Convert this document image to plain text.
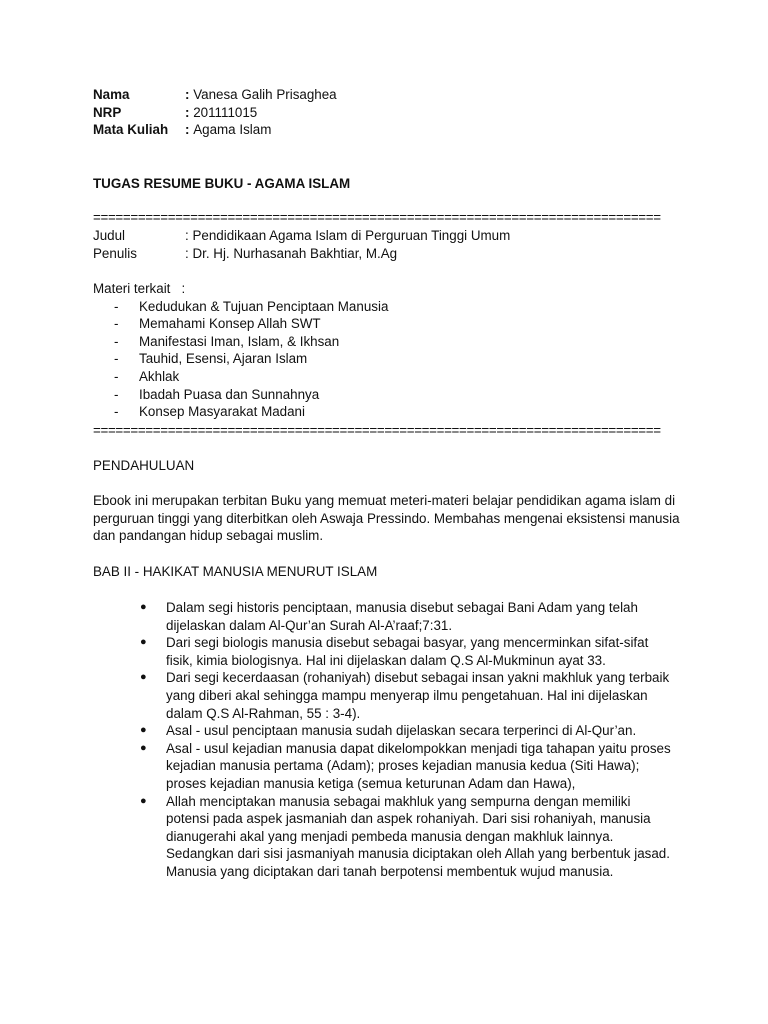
Nama	:
Vanesa Galih Prisaghea
NRP	:
201111015
Mata Kuliah	:
Agama Islam
TUGAS RESUME BUKU - AGAMA ISLAM
============================================================================
Judul	: Pendidikaan Agama Islam di Perguruan Tinggi Umum
Penulis	: Dr. Hj. Nurhasanah Bakhtiar, M.Ag
Materi terkait   :
-	Kedudukan & Tujuan Penciptaan Manusia
-	Memahami Konsep Allah SWT
-	Manifestasi Iman, Islam, & Ikhsan
-	Tauhid, Esensi, Ajaran Islam
-	Akhlak
-	Ibadah Puasa dan Sunnahnya
-	Konsep Masyarakat Madani
============================================================================
PENDAHULUAN
Ebook ini merupakan terbitan Buku yang memuat meteri-materi belajar pendidikan agama islam di perguruan tinggi yang diterbitkan oleh Aswaja Pressindo. Membahas mengenai eksistensi manusia dan pandangan hidup sebagai muslim.
BAB II - HAKIKAT MANUSIA MENURUT ISLAM
●	Dalam segi historis penciptaan, manusia disebut sebagai Bani Adam yang telah dijelaskan dalam Al-Qur’an Surah Al-A’raaf;7:31.
●	Dari segi biologis manusia disebut sebagai basyar, yang mencerminkan sifat-sifat fisik, kimia biologisnya. Hal ini dijelaskan dalam Q.S Al-Mukminun ayat 33.
●	Dari segi kecerdaasan (rohaniyah) disebut sebagai insan yakni makhluk yang terbaik yang diberi akal sehingga mampu menyerap ilmu pengetahuan. Hal ini dijelaskan dalam Q.S Al-Rahman, 55 : 3-4).
●	Asal - usul penciptaan manusia sudah dijelaskan secara terperinci di Al-Qur’an.
●	Asal - usul kejadian manusia dapat dikelompokkan menjadi tiga tahapan yaitu proses kejadian manusia pertama (Adam); proses kejadian manusia kedua (Siti Hawa); proses kejadian manusia ketiga (semua keturunan Adam dan Hawa),
●	Allah menciptakan manusia sebagai makhluk yang sempurna dengan memiliki potensi pada aspek jasmaniah dan aspek rohaniyah. Dari sisi rohaniyah, manusia dianugerahi akal yang menjadi pembeda manusia dengan makhluk lainnya. Sedangkan dari sisi jasmaniyah manusia diciptakan oleh Allah yang berbentuk jasad. Manusia yang diciptakan dari tanah berpotensi membentuk wujud manusia.
